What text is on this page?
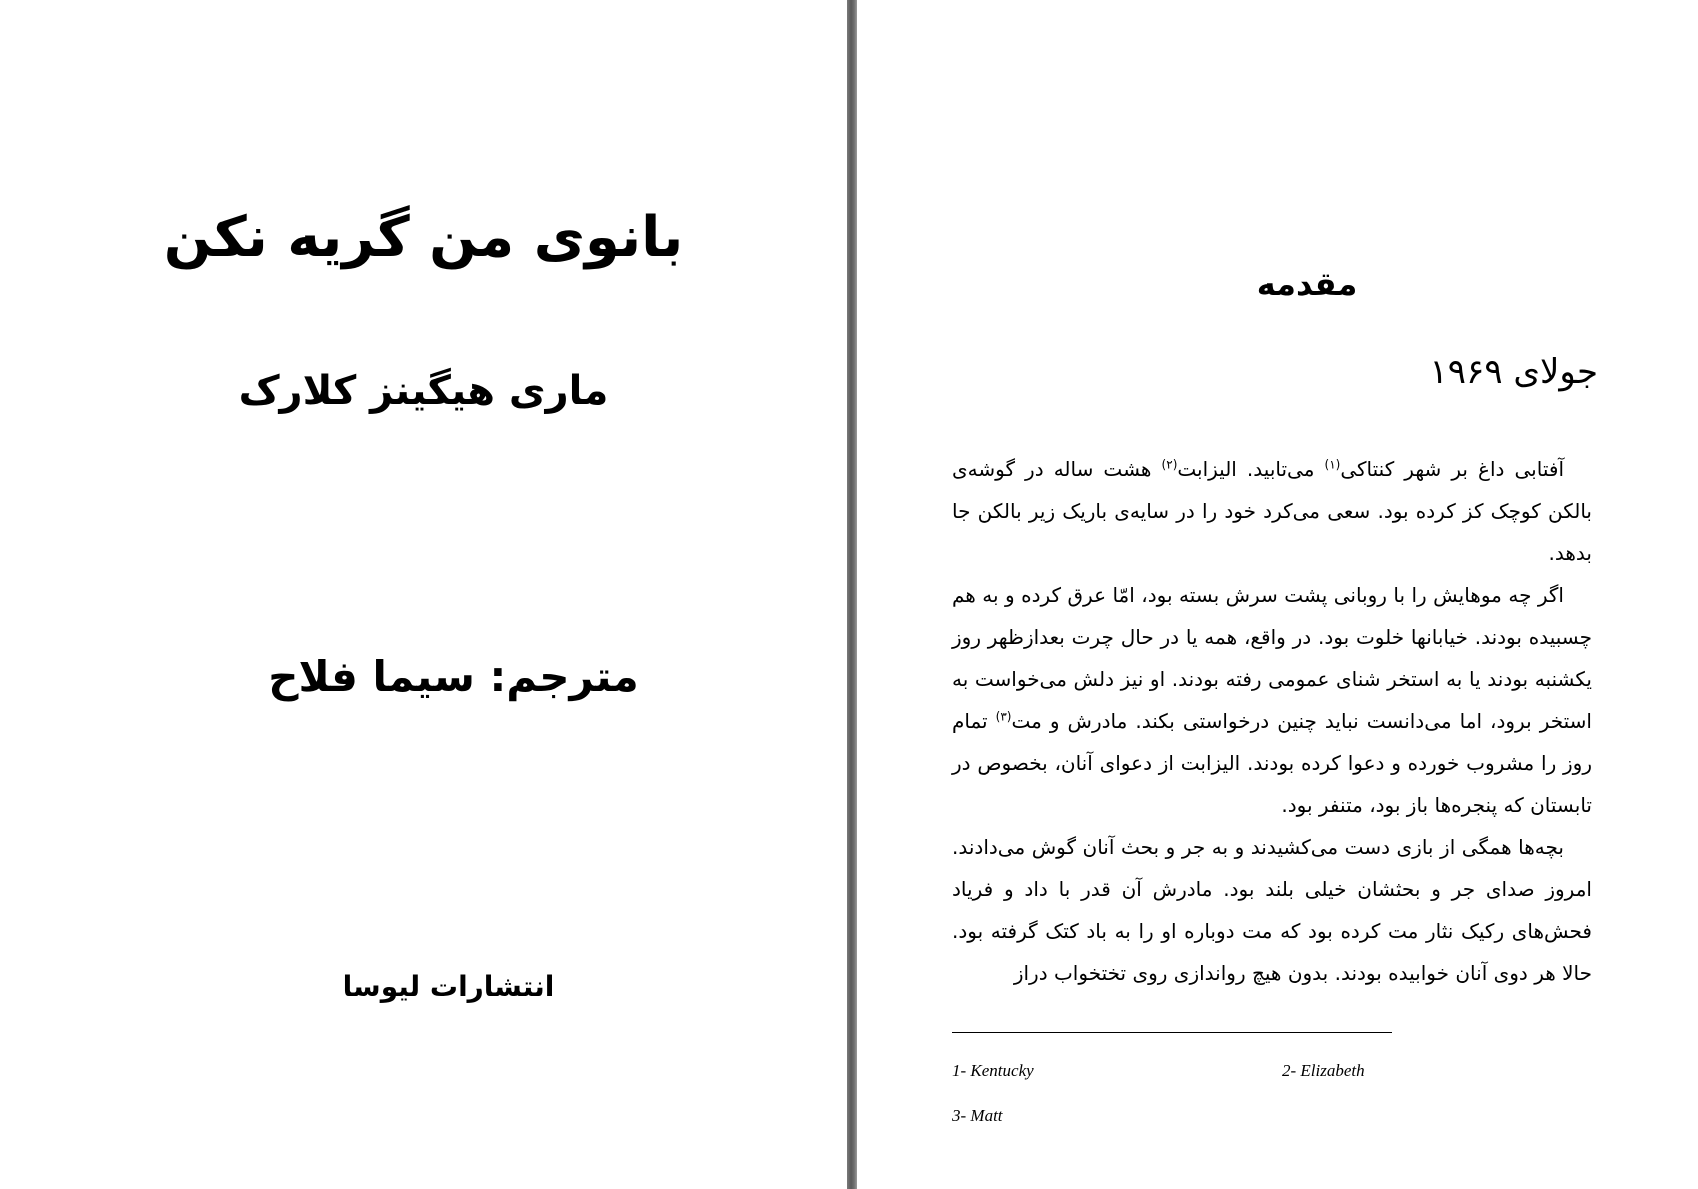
بانوی من گریه نکن
ماری هیگینز کلارک
مترجم: سیما فلاح
انتشارات لیوسا
مقدمه
جولای ۱۹۶۹

آفتابی داغ بر شهر کنتاکی$^{(۱)}$ می‌تابید. الیزابت$^{(۲)}$ هشت ساله در گوشه‌ی بالکن کوچک کز کرده بود. سعی می‌کرد خود را در سایه‌ی باریک زیر بالکن جا بدهد.

اگر چه موهایش را با روبانی پشت سرش بسته بود، امّا عرق کرده و به هم چسبیده بودند. خیابانها خلوت بود. در واقع، همه یا در حال چرت بعدازظهر روز یکشنبه بودند یا به استخر شنای عمومی رفته بودند. او نیز دلش می‌خواست به استخر برود، اما می‌دانست نباید چنین درخواستی بکند. مادرش و مت$^{(۳)}$ تمام روز را مشروب خورده و دعوا کرده بودند. الیزابت از دعوای آنان، بخصوص در تابستان که پنجره‌ها باز بود، متنفر بود.

بچه‌ها همگی از بازی دست می‌کشیدند و به جر و بحث آنان گوش می‌دادند. امروز صدای جر و بحثشان خیلی بلند بود. مادرش آن قدر با داد و فریاد فحش‌های رکیک نثار مت کرده بود که مت دوباره او را به باد کتک گرفته بود. حالا هر دوی آنان خوابیده بودند. بدون هیچ رواندازی روی تختخواب دراز

1- Kentucky	2- Elizabeth
3- Matt
